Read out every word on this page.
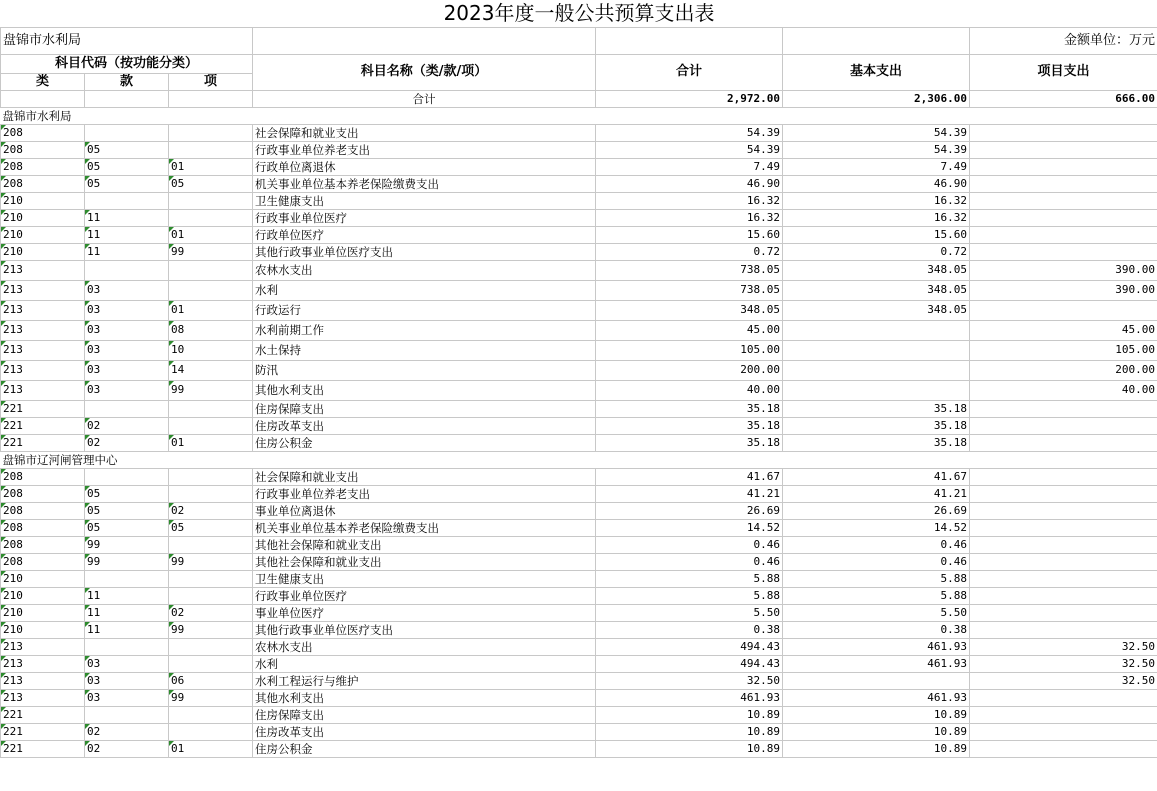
2023年度一般公共预算支出表						
盘锦市水利局						金额单位：万元
科目代码（按功能分类）			科目名称（类/款/项）	合计	基本支出	项目支出
类	款	项				
			合计	2,972.00	2,306.00	666.00
盘锦市水利局						
208			社会保障和就业支出	54.39	54.39	
208	05		行政事业单位养老支出	54.39	54.39	
208	05	01	行政单位离退休	7.49	7.49	
208	05	05	机关事业单位基本养老保险缴费支出	46.90	46.90	
210			卫生健康支出	16.32	16.32	
210	11		行政事业单位医疗	16.32	16.32	
210	11	01	行政单位医疗	15.60	15.60	
210	11	99	其他行政事业单位医疗支出	0.72	0.72	
213			农林水支出	738.05	348.05	390.00
213	03		水利	738.05	348.05	390.00
213	03	01	行政运行	348.05	348.05	
213	03	08	水利前期工作	45.00		45.00
213	03	10	水土保持	105.00		105.00
213	03	14	防汛	200.00		200.00
213	03	99	其他水利支出	40.00		40.00
221			住房保障支出	35.18	35.18	
221	02		住房改革支出	35.18	35.18	
221	02	01	住房公积金	35.18	35.18	
盘锦市辽河闸管理中心						
208			社会保障和就业支出	41.67	41.67	
208	05		行政事业单位养老支出	41.21	41.21	
208	05	02	事业单位离退休	26.69	26.69	
208	05	05	机关事业单位基本养老保险缴费支出	14.52	14.52	
208	99		其他社会保障和就业支出	0.46	0.46	
208	99	99	其他社会保障和就业支出	0.46	0.46	
210			卫生健康支出	5.88	5.88	
210	11		行政事业单位医疗	5.88	5.88	
210	11	02	事业单位医疗	5.50	5.50	
210	11	99	其他行政事业单位医疗支出	0.38	0.38	
213			农林水支出	494.43	461.93	32.50
213	03		水利	494.43	461.93	32.50
213	03	06	水利工程运行与维护	32.50		32.50
213	03	99	其他水利支出	461.93	461.93	
221			住房保障支出	10.89	10.89	
221	02		住房改革支出	10.89	10.89	
221	02	01	住房公积金	10.89	10.89	
